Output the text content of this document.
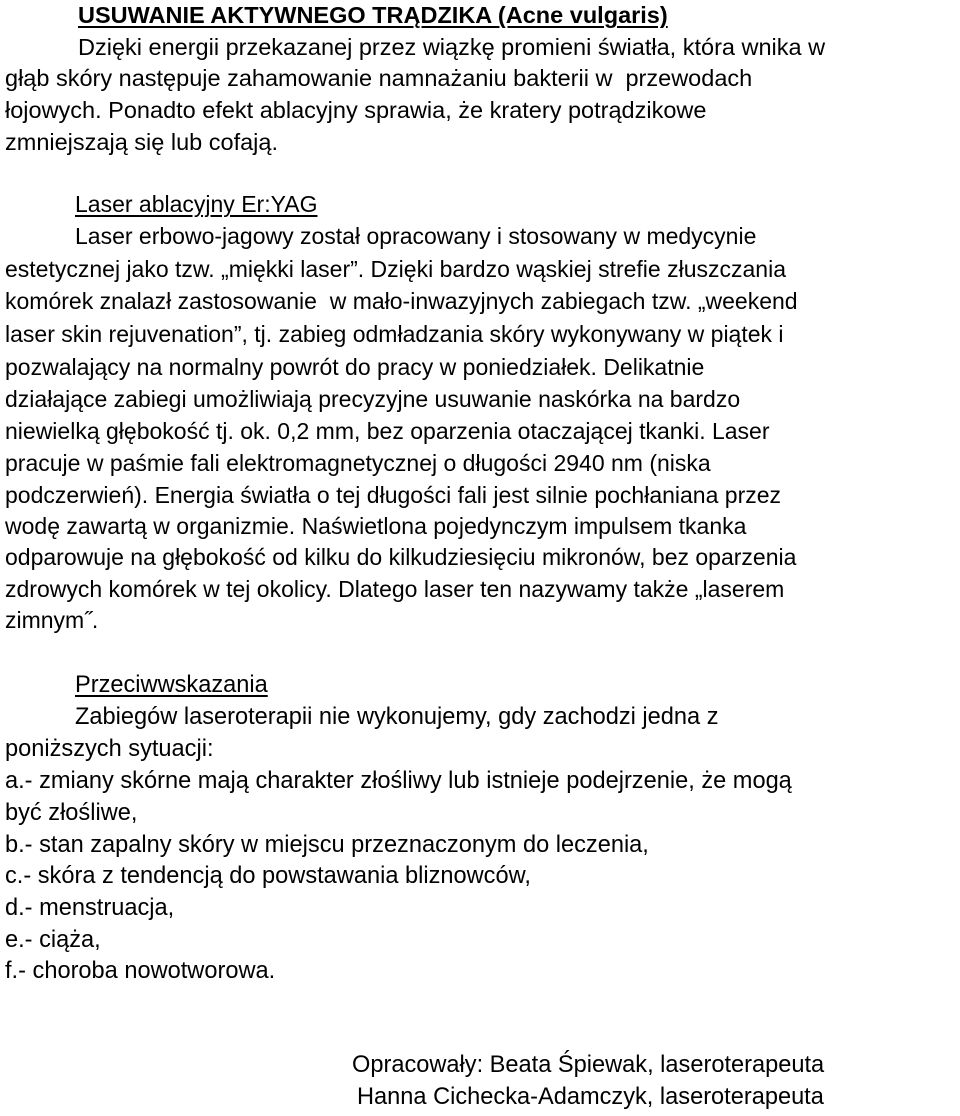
USUWANIE AKTYWNEGO TRĄDZIKA (Acne vulgaris)
Dzięki energii przekazanej przez wiązkę promieni światła, która wnika w
głąb skóry następuje zahamowanie namnażaniu bakterii w  przewodach
łojowych. Ponadto efekt ablacyjny sprawia, że kratery potrądzikowe
zmniejszają się lub cofają.
Laser ablacyjny Er:YAG
Laser erbowo-jagowy został opracowany i stosowany w medycynie
estetycznej jako tzw. „miękki laser”. Dzięki bardzo wąskiej strefie złuszczania
komórek znalazł zastosowanie  w mało-inwazyjnych zabiegach tzw. „weekend
laser skin rejuvenation”, tj. zabieg odmładzania skóry wykonywany w piątek i
pozwalający na normalny powrót do pracy w poniedziałek. Delikatnie
działające zabiegi umożliwiają precyzyjne usuwanie naskórka na bardzo
niewielką głębokość tj. ok. 0,2 mm, bez oparzenia otaczającej tkanki. Laser
pracuje w paśmie fali elektromagnetycznej o długości 2940 nm (niska
podczerwień). Energia światła o tej długości fali jest silnie pochłaniana przez
wodę zawartą w organizmie. Naświetlona pojedynczym impulsem tkanka
odparowuje na głębokość od kilku do kilkudziesięciu mikronów, bez oparzenia
zdrowych komórek w tej okolicy. Dlatego laser ten nazywamy także „laserem
zimnym˝.
Przeciwwskazania
Zabiegów laseroterapii nie wykonujemy, gdy zachodzi jedna z
poniższych sytuacji:
a.- zmiany skórne mają charakter złośliwy lub istnieje podejrzenie, że mogą
być złośliwe,
b.- stan zapalny skóry w miejscu przeznaczonym do leczenia,
c.- skóra z tendencją do powstawania bliznowców,
d.- menstruacja,
e.- ciąża,
f.- choroba nowotworowa.
Opracowały: Beata Śpiewak, laseroterapeuta
Hanna Cichecka-Adamczyk, laseroterapeuta
